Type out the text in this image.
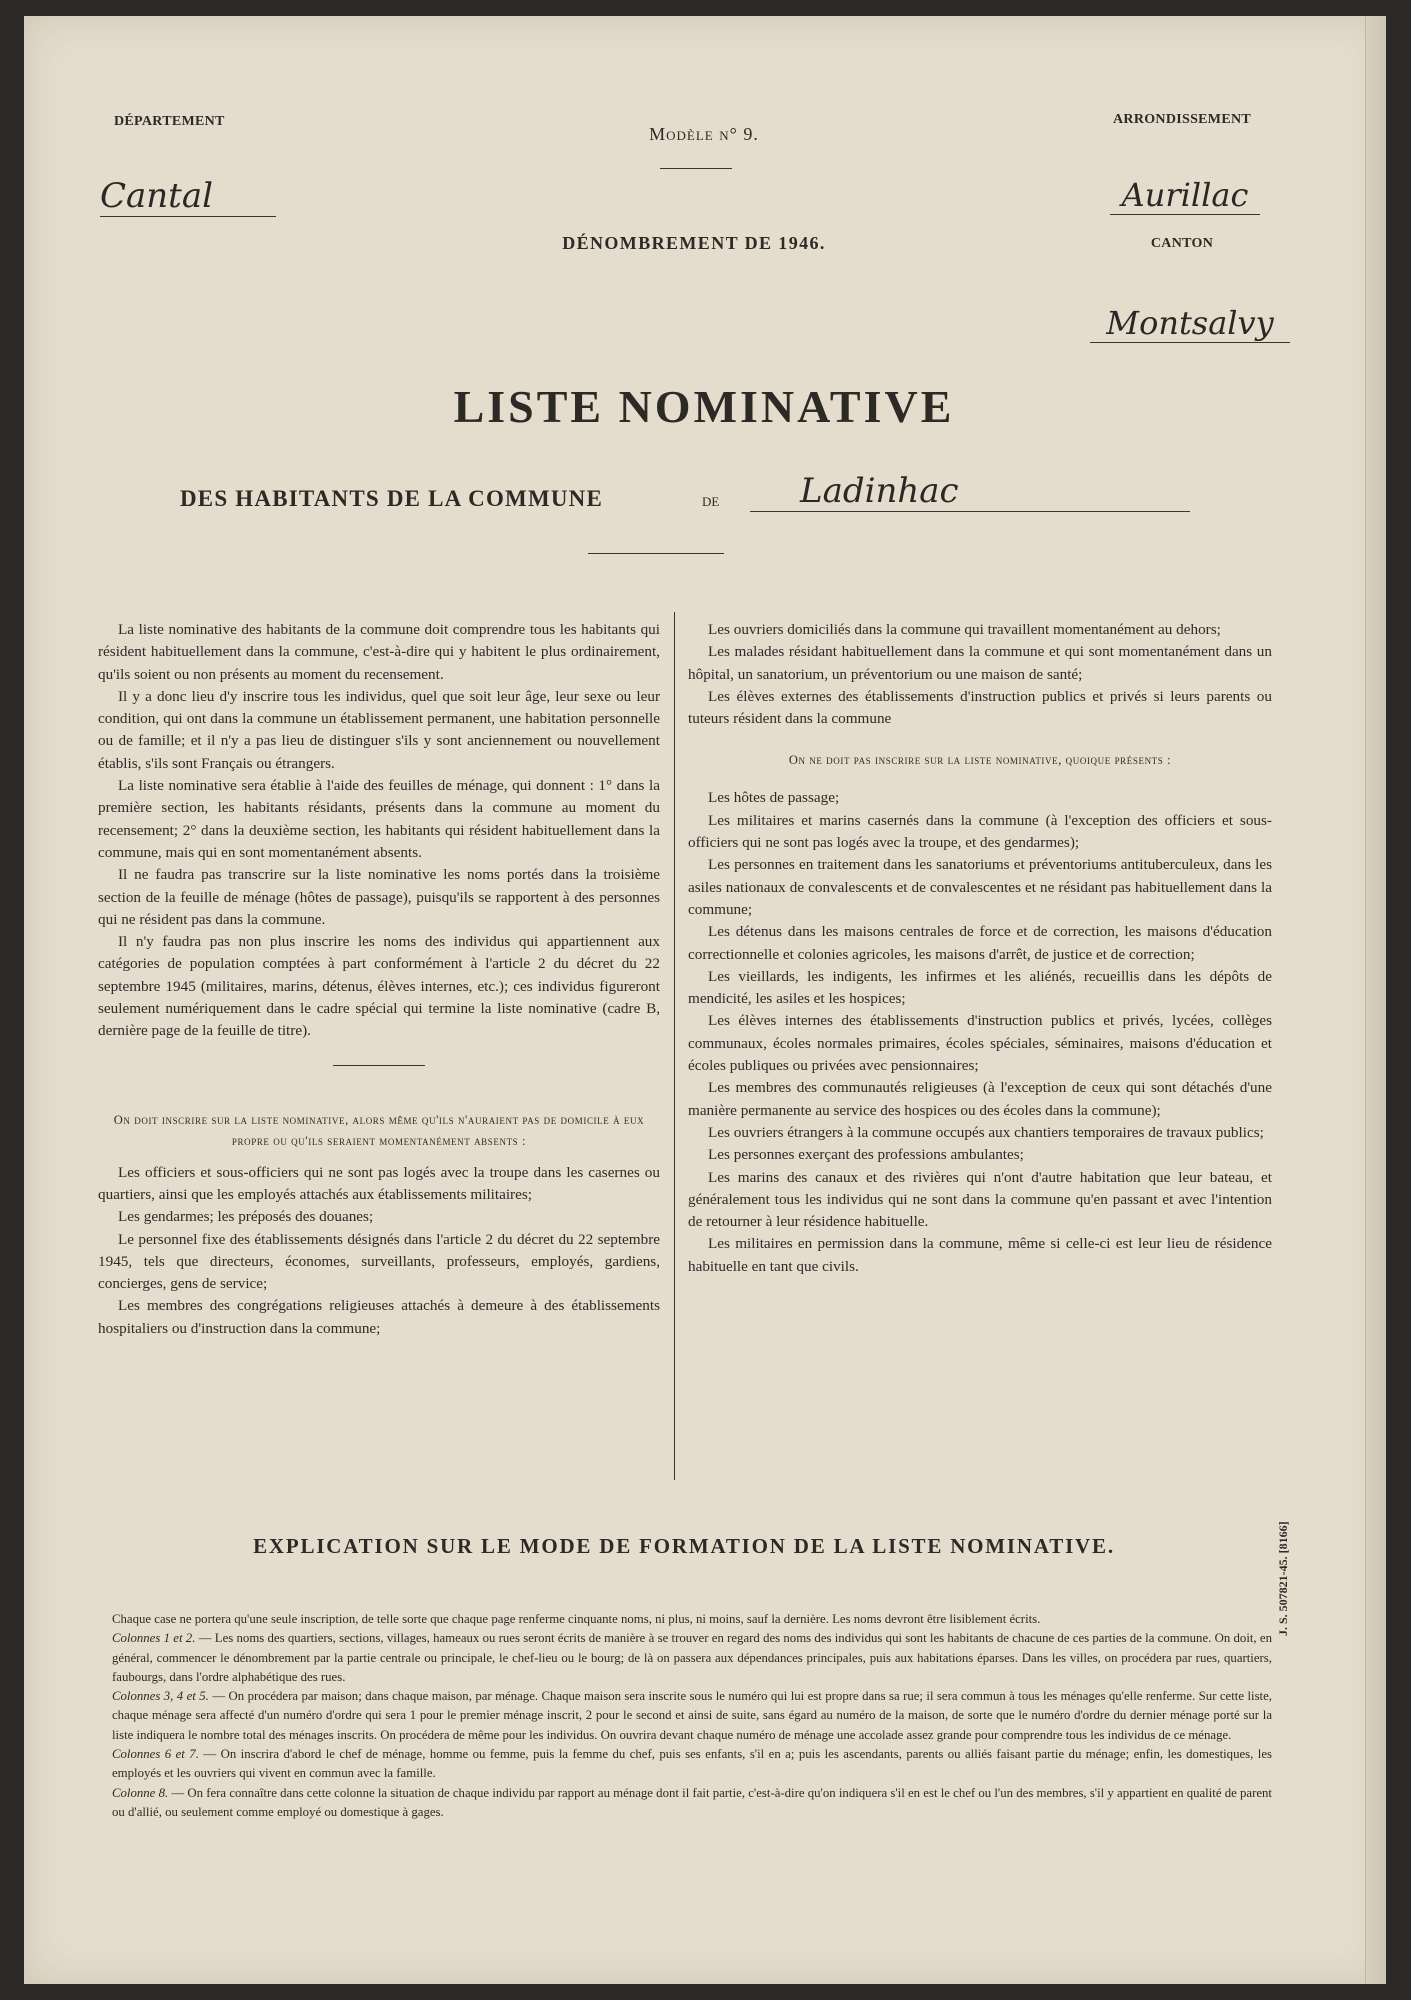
DÉPARTEMENT
Cantal
Modèle n° 9.
ARRONDISSEMENT
Aurillac
DÉNOMBREMENT DE 1946.	CANTON
Montsalvy
LISTE NOMINATIVE
DES HABITANTS DE LA COMMUNE	de	Ladinhac

La liste nominative des habitants de la commune doit comprendre tous les habitants qui résident habituellement dans la commune, c'est-à-dire qui y habitent le plus ordinairement, qu'ils soient ou non présents au moment du recensement.

Il y a donc lieu d'y inscrire tous les individus, quel que soit leur âge, leur sexe ou leur condition, qui ont dans la commune un établissement permanent, une habitation personnelle ou de famille; et il n'y a pas lieu de distinguer s'ils y sont anciennement ou nouvellement établis, s'ils sont Français ou étrangers.

La liste nominative sera établie à l'aide des feuilles de ménage, qui donnent : 1° dans la première section, les habitants résidants, présents dans la commune au moment du recensement; 2° dans la deuxième section, les habitants qui résident habituellement dans la commune, mais qui en sont momentanément absents.

Il ne faudra pas transcrire sur la liste nominative les noms portés dans la troisième section de la feuille de ménage (hôtes de passage), puisqu'ils se rapportent à des personnes qui ne résident pas dans la commune.

Il n'y faudra pas non plus inscrire les noms des individus qui appartiennent aux catégories de population comptées à part conformément à l'article 2 du décret du 22 septembre 1945 (militaires, marins, détenus, élèves internes, etc.); ces individus figureront seulement numériquement dans le cadre spécial qui termine la liste nominative (cadre B, dernière page de la feuille de titre).

On doit inscrire sur la liste nominative, alors même qu'ils n'auraient pas de domicile à eux propre ou qu'ils seraient momentanément absents :

Les officiers et sous-officiers qui ne sont pas logés avec la troupe dans les casernes ou quartiers, ainsi que les employés attachés aux établissements militaires;

Les gendarmes; les préposés des douanes;

Le personnel fixe des établissements désignés dans l'article 2 du décret du 22 septembre 1945, tels que directeurs, économes, surveillants, professeurs, employés, gardiens, concierges, gens de service;

Les membres des congrégations religieuses attachés à demeure à des établissements hospitaliers ou d'instruction dans la commune;

Les ouvriers domiciliés dans la commune qui travaillent momentanément au dehors;

Les malades résidant habituellement dans la commune et qui sont momentanément dans un hôpital, un sanatorium, un préventorium ou une maison de santé;

Les élèves externes des établissements d'instruction publics et privés si leurs parents ou tuteurs résident dans la commune

On ne doit pas inscrire sur la liste nominative, quoique présents :

Les hôtes de passage;

Les militaires et marins casernés dans la commune (à l'exception des officiers et sous-officiers qui ne sont pas logés avec la troupe, et des gendarmes);

Les personnes en traitement dans les sanatoriums et préventoriums antituberculeux, dans les asiles nationaux de convalescents et de convalescentes et ne résidant pas habituellement dans la commune;

Les détenus dans les maisons centrales de force et de correction, les maisons d'éducation correctionnelle et colonies agricoles, les maisons d'arrêt, de justice et de correction;

Les vieillards, les indigents, les infirmes et les aliénés, recueillis dans les dépôts de mendicité, les asiles et les hospices;

Les élèves internes des établissements d'instruction publics et privés, lycées, collèges communaux, écoles normales primaires, écoles spéciales, séminaires, maisons d'éducation et écoles publiques ou privées avec pensionnaires;

Les membres des communautés religieuses (à l'exception de ceux qui sont détachés d'une manière permanente au service des hospices ou des écoles dans la commune);

Les ouvriers étrangers à la commune occupés aux chantiers temporaires de travaux publics;

Les personnes exerçant des professions ambulantes;

Les marins des canaux et des rivières qui n'ont d'autre habitation que leur bateau, et généralement tous les individus qui ne sont dans la commune qu'en passant et avec l'intention de retourner à leur résidence habituelle.

Les militaires en permission dans la commune, même si celle-ci est leur lieu de résidence habituelle en tant que civils.

EXPLICATION SUR LE MODE DE FORMATION DE LA LISTE NOMINATIVE.

Chaque case ne portera qu'une seule inscription, de telle sorte que chaque page renferme cinquante noms, ni plus, ni moins, sauf la dernière. Les noms devront être lisiblement écrits.

Colonnes 1 et 2. — Les noms des quartiers, sections, villages, hameaux ou rues seront écrits de manière à se trouver en regard des noms des individus qui sont les habitants de chacune de ces parties de la commune. On doit, en général, commencer le dénombrement par la partie centrale ou principale, le chef-lieu ou le bourg; de là on passera aux dépendances principales, puis aux habitations éparses. Dans les villes, on procédera par rues, quartiers, faubourgs, dans l'ordre alphabétique des rues.

Colonnes 3, 4 et 5. — On procédera par maison; dans chaque maison, par ménage. Chaque maison sera inscrite sous le numéro qui lui est propre dans sa rue; il sera commun à tous les ménages qu'elle renferme. Sur cette liste, chaque ménage sera affecté d'un numéro d'ordre qui sera 1 pour le premier ménage inscrit, 2 pour le second et ainsi de suite, sans égard au numéro de la maison, de sorte que le numéro d'ordre du dernier ménage porté sur la liste indiquera le nombre total des ménages inscrits. On procédera de même pour les individus. On ouvrira devant chaque numéro de ménage une accolade assez grande pour comprendre tous les individus de ce ménage.

Colonnes 6 et 7. — On inscrira d'abord le chef de ménage, homme ou femme, puis la femme du chef, puis ses enfants, s'il en a; puis les ascendants, parents ou alliés faisant partie du ménage; enfin, les domestiques, les employés et les ouvriers qui vivent en commun avec la famille.

Colonne 8. — On fera connaître dans cette colonne la situation de chaque individu par rapport au ménage dont il fait partie, c'est-à-dire qu'on indiquera s'il en est le chef ou l'un des membres, s'il y appartient en qualité de parent ou d'allié, ou seulement comme employé ou domestique à gages.

J. S. 507821-45. [8166]
